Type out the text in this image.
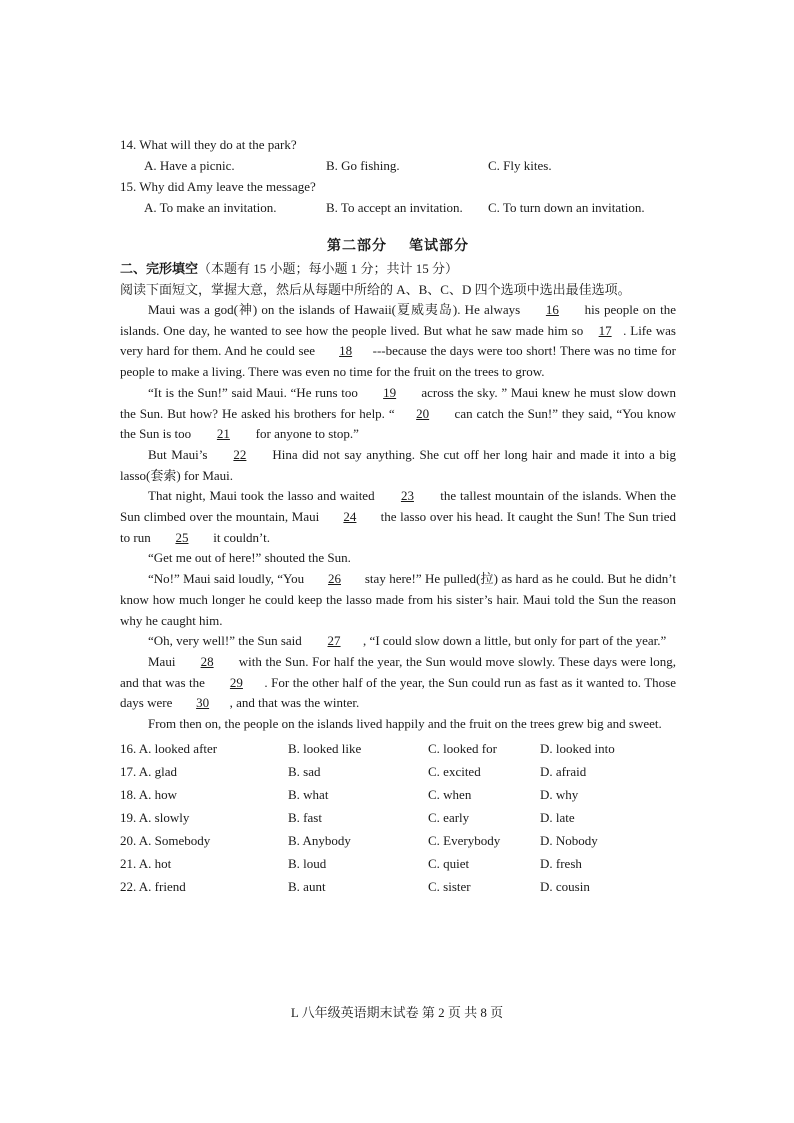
14. What will they do at the park?
A. Have a picnic.	B. Go fishing.	C. Fly kites.
15. Why did Amy leave the message?
A. To make an invitation.	B. To accept an invitation.	C. To turn down an invitation.
第二部分 笔试部分
二、完形填空（本题有 15 小题；每小题 1 分；共计 15 分）
阅读下面短文，掌握大意，然后从每题中所给的 A、B、C、D 四个选项中选出最佳选项。
Maui was a god(神) on the islands of Hawaii(夏威夷岛). He always 16 his people on the islands. One day, he wanted to see how the people lived. But what he saw made him so 17 . Life was very hard for them. And he could see 18 ---because the days were too short! There was no time for people to make a living. There was even no time for the fruit on the trees to grow.
“It is the Sun!” said Maui. “He runs too 19 across the sky. ” Maui knew he must slow down the Sun. But how? He asked his brothers for help. “ 20 can catch the Sun!” they said, “You know the Sun is too 21 for anyone to stop.”
But Maui’s 22 Hina did not say anything. She cut off her long hair and made it into a big lasso(套索) for Maui.
That night, Maui took the lasso and waited 23 the tallest mountain of the islands. When the Sun climbed over the mountain, Maui 24 the lasso over his head. It caught the Sun! The Sun tried to run 25 it couldn’t.
“Get me out of here!” shouted the Sun.
“No!” Maui said loudly, “You 26 stay here!” He pulled(拉) as hard as he could. But he didn’t know how much longer he could keep the lasso made from his sister’s hair. Maui told the Sun the reason why he caught him.
“Oh, very well!” the Sun said 27 , “I could slow down a little, but only for part of the year.”
Maui 28 with the Sun. For half the year, the Sun would move slowly. These days were long, and that was the 29 . For the other half of the year, the Sun could run as fast as it wanted to. Those days were 30 , and that was the winter.
From then on, the people on the islands lived happily and the fruit on the trees grew big and sweet.
16. A. looked after	B. looked like	C. looked for	D. looked into
17. A. glad	B. sad	C. excited	D. afraid
18. A. how	B. what	C. when	D. why
19. A. slowly	B. fast	C. early	D. late
20. A. Somebody	B. Anybody	C. Everybody	D. Nobody
21. A. hot	B. loud	C. quiet	D. fresh
22. A. friend	B. aunt	C. sister	D. cousin
L 八年级英语期末试卷 第 2 页 共 8 页
